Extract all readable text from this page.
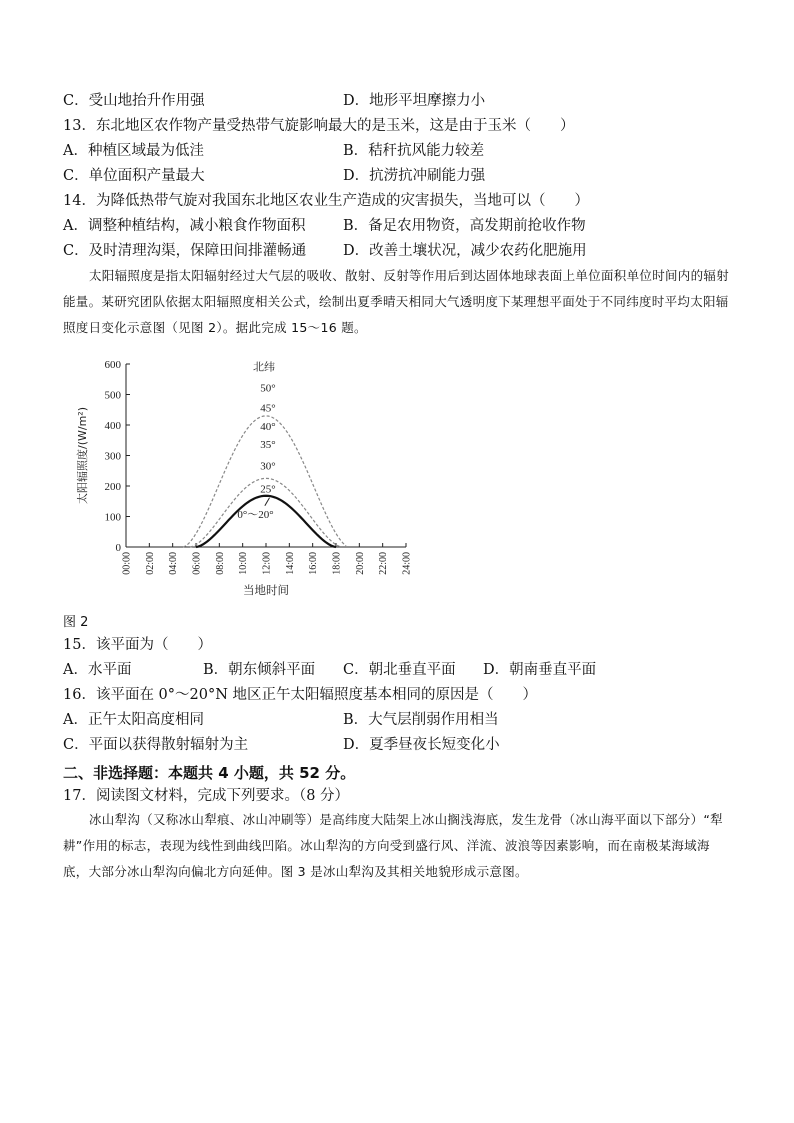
C．受山地抬升作用强	D．地形平坦摩擦力小
13．东北地区农作物产量受热带气旋影响最大的是玉米，这是由于玉米（　　）
A．种植区域最为低洼	B．秸秆抗风能力较差
C．单位面积产量最大	D．抗涝抗冲刷能力强
14．为降低热带气旋对我国东北地区农业生产造成的灾害损失，当地可以（　　）
A．调整种植结构，减小粮食作物面积	B．备足农用物资，高发期前抢收作物
C．及时清理沟渠，保障田间排灌畅通	D．改善土壤状况，减少农药化肥施用
太阳辐照度是指太阳辐射经过大气层的吸收、散射、反射等作用后到达固体地球表面上单位面积单位时间内的辐射能量。某研究团队依据太阳辐照度相关公式，绘制出夏季晴天相同大气透明度下某理想平面处于不同纬度时平均太阳辐照度日变化示意图（见图 2）。据此完成 15～16 题。
0
100
200
300
400
500
600
00:00 02:00 04:00 06:00 08:00 10:00 12:00 14:00 16:00 18:00 20:00 22:00 24:00
当地时间
太阳辐照度/(W/m²)
北纬
50°
45°
40°
35°
30°
25°
0°～20°
图 2
15．该平面为（　　）
A．水平面	B．朝东倾斜平面 C．朝北垂直平面 D．朝南垂直平面
16．该平面在 0°～20°N 地区正午太阳辐照度基本相同的原因是（　　）
A．正午太阳高度相同	B．大气层削弱作用相当
C．平面以获得散射辐射为主	D．夏季昼夜长短变化小
二、非选择题：本题共 4 小题，共 52 分。
17．阅读图文材料，完成下列要求。（8 分）
冰山犁沟（又称冰山犁痕、冰山冲刷等）是高纬度大陆架上冰山搁浅海底，发生龙骨（冰山海平面以下部分）“犁耕”作用的标志，表现为线性到曲线凹陷。冰山犁沟的方向受到盛行风、洋流、波浪等因素影响，而在南极某海域海底，大部分冰山犁沟向偏北方向延伸。图 3 是冰山犁沟及其相关地貌形成示意图。
